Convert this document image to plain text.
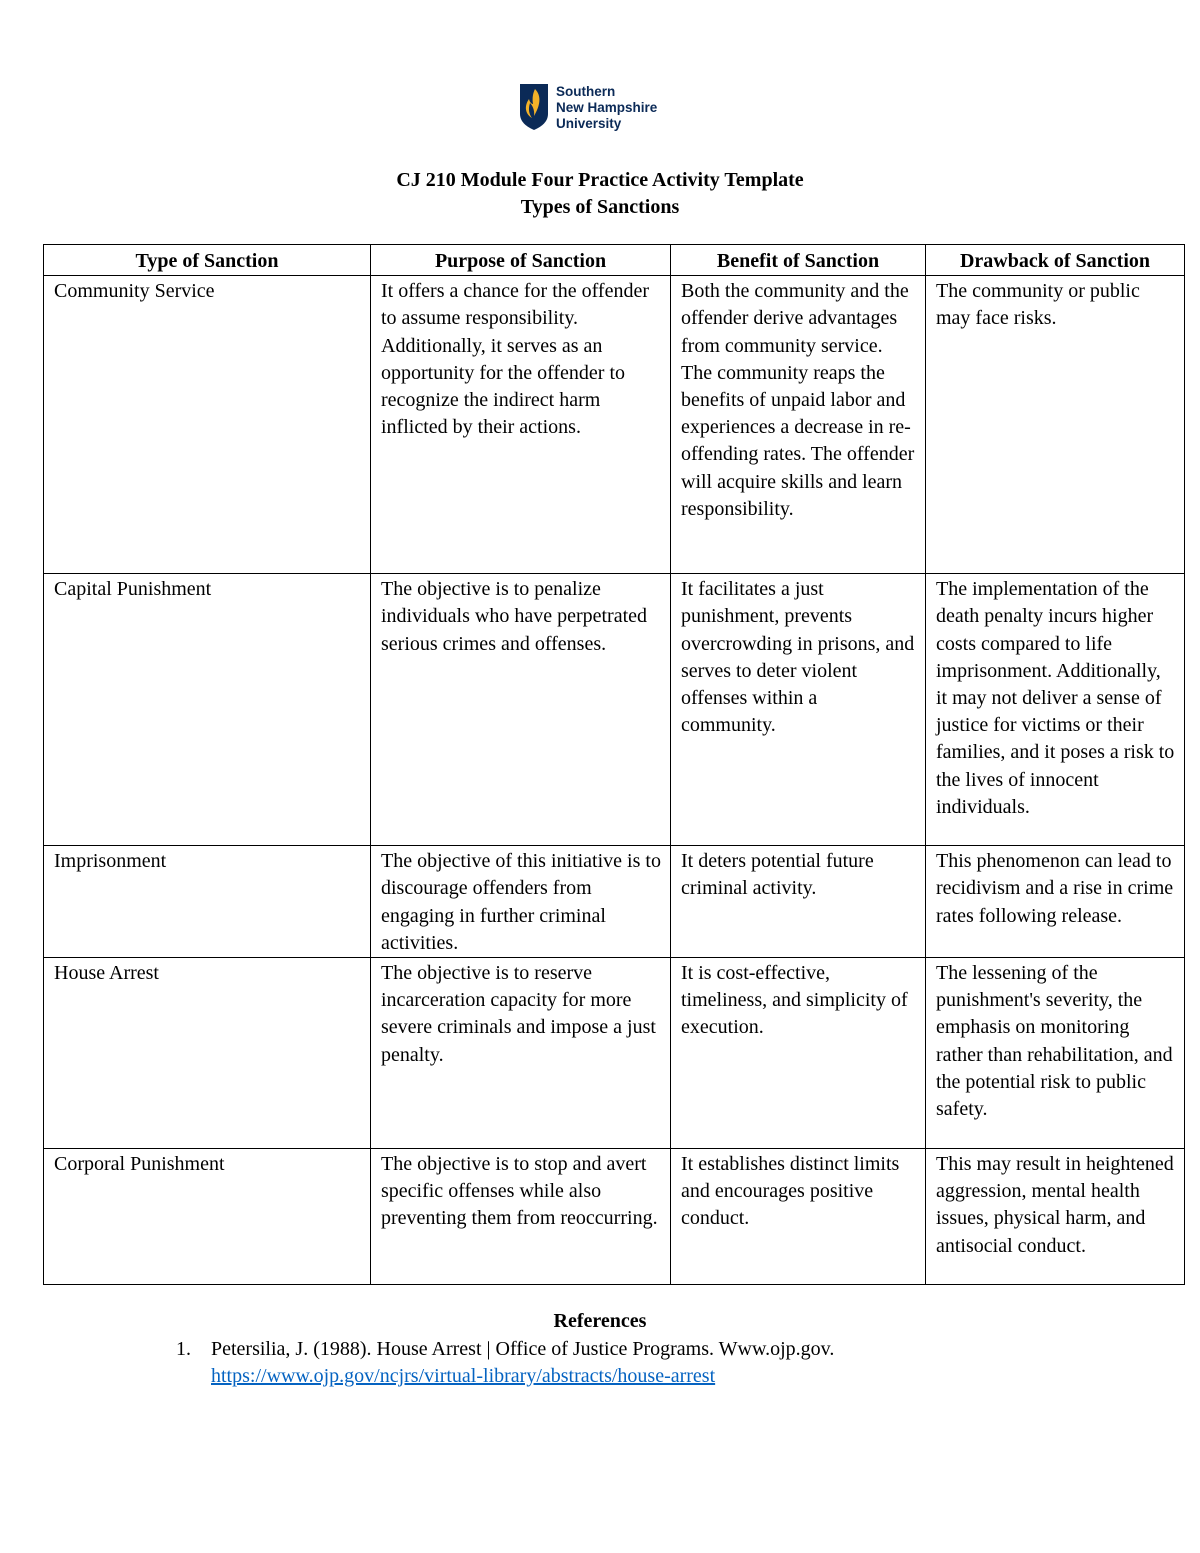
Southern
New Hampshire
University
CJ 210 Module Four Practice Activity Template
Types of Sanctions
Type of Sanction	Purpose of Sanction	Benefit of Sanction	Drawback of Sanction
Community Service	It offers a chance for the offender to assume responsibility. Additionally, it serves as an opportunity for the offender to recognize the indirect harm inflicted by their actions.	Both the community and the offender derive advantages from community service. The community reaps the benefits of unpaid labor and experiences a decrease in re-offending rates. The offender will acquire skills and learn responsibility.	The community or public may face risks.
Capital Punishment	The objective is to penalize individuals who have perpetrated serious crimes and offenses.	It facilitates a just punishment, prevents overcrowding in prisons, and serves to deter violent offenses within a community.	The implementation of the death penalty incurs higher costs compared to life imprisonment. Additionally, it may not deliver a sense of justice for victims or their families, and it poses a risk to the lives of innocent individuals.
Imprisonment	The objective of this initiative is to discourage offenders from engaging in further criminal activities.	It deters potential future criminal activity.	This phenomenon can lead to recidivism and a rise in crime rates following release.
House Arrest	The objective is to reserve incarceration capacity for more severe criminals and impose a just penalty.	It is cost-effective, timeliness, and simplicity of execution.	The lessening of the punishment's severity, the emphasis on monitoring rather than rehabilitation, and the potential risk to public safety.
Corporal Punishment	The objective is to stop and avert specific offenses while also preventing them from reoccurring.	It establishes distinct limits and encourages positive conduct.	This may result in heightened aggression, mental health issues, physical harm, and antisocial conduct.
References
1. Petersilia, J. (1988). House Arrest | Office of Justice Programs. Www.ojp.gov.
https://www.ojp.gov/ncjrs/virtual-library/abstracts/house-arrest
